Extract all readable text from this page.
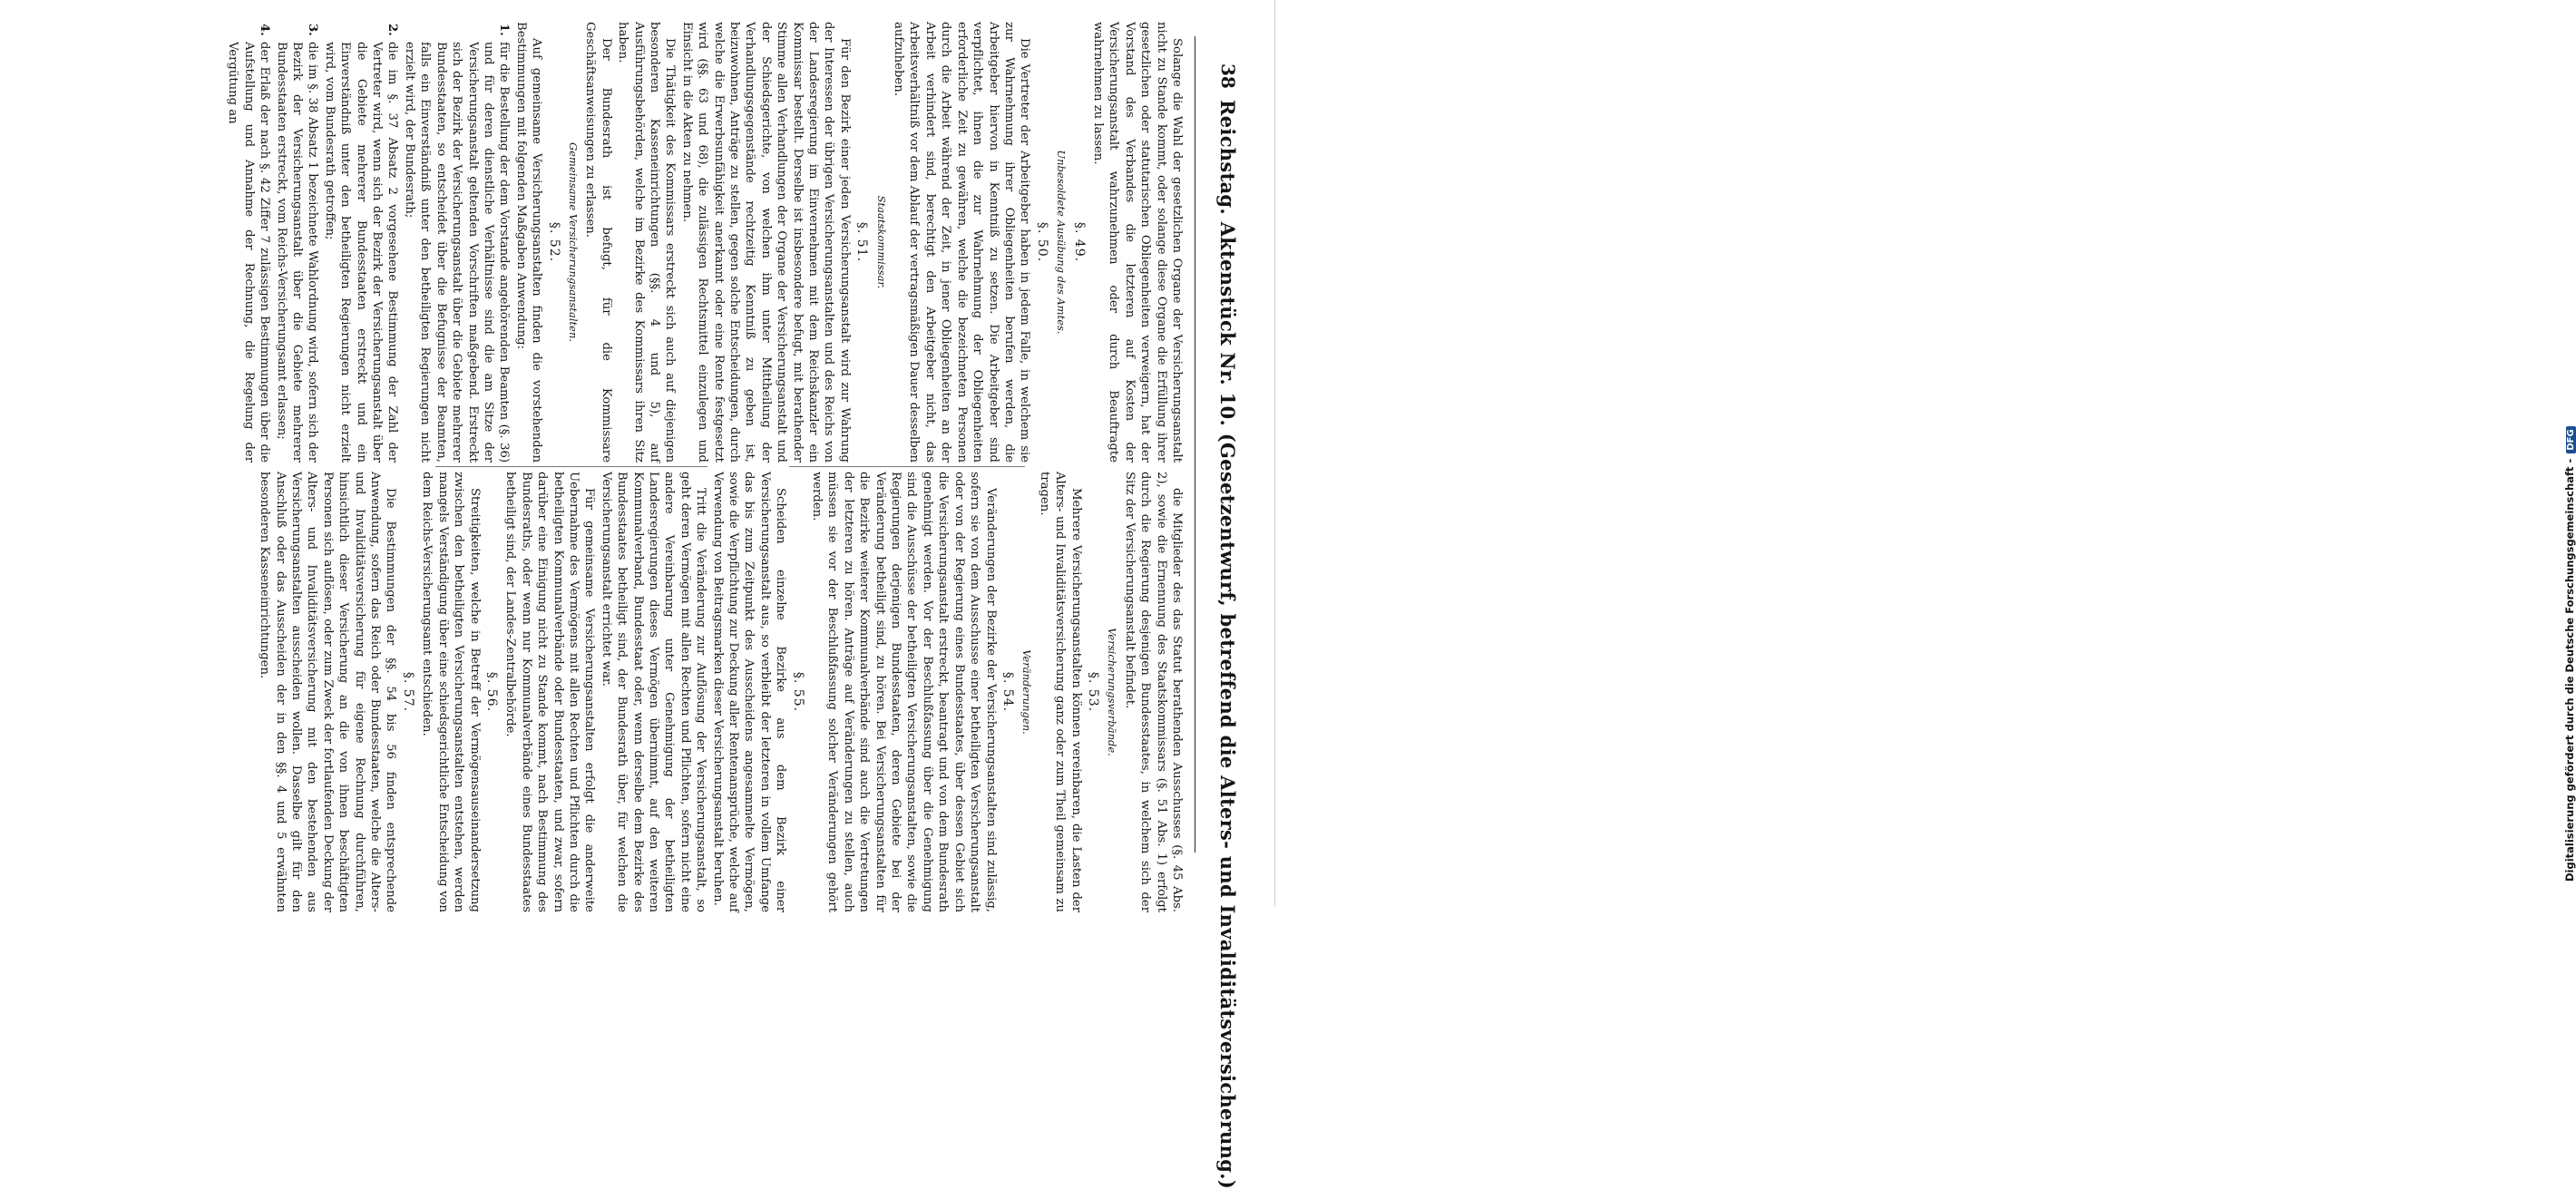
38
Reichstag. Aktenstück Nr. 10. (Gesetzentwurf, betreffend die Alters- und Invaliditätsversicherung.)

Solange die Wahl der gesetzlichen Organe der Versicherungsanstalt nicht zu Stande kommt, oder solange diese Organe die Erfüllung ihrer gesetzlichen oder statutarischen Obliegenheiten verweigern, hat der Vorstand des Verbandes die letzteren auf Kosten der Versicherungsanstalt wahrzunehmen oder durch Beauftragte wahrnehmen zu lassen.

§. 49.
Unbesoldete Ausübung des Amtes.
§. 50.

Die Vertreter der Arbeitgeber haben in jedem Falle, in welchem sie zur Wahrnehmung ihrer Obliegenheiten berufen werden, die Arbeitgeber hiervon in Kenntniß zu setzen. Die Arbeitgeber sind verpflichtet, ihnen die zur Wahrnehmung der Obliegenheiten erforderliche Zeit zu gewähren, welche die bezeichneten Personen durch die Arbeit während der Zeit, in jener Obliegenheiten an der Arbeit verhindert sind, berechtigt den Arbeitgeber nicht, das Arbeitsverhältniß vor dem Ablauf der vertragsmäßigen Dauer desselben aufzuheben.

Staatskommissar.
§. 51.

Für den Bezirk einer jeden Versicherungsanstalt wird zur Wahrung der Interessen der übrigen Versicherungsanstalten und des Reichs von der Landesregierung im Einvernehmen mit dem Reichskanzler ein Kommissar bestellt. Derselbe ist insbesondere befugt, mit berathender Stimme allen Verhandlungen der Organe der Versicherungsanstalt und der Schiedsgerichte, von welchen ihm unter Mittheilung der Verhandlungsgegenstände rechtzeitig Kenntniß zu geben ist, beizuwohnen, Anträge zu stellen, gegen solche Entscheidungen, durch welche die Erwerbsunfähigkeit anerkannt oder eine Rente festgesetzt wird (§§. 63 und 68), die zulässigen Rechtsmittel einzulegen und Einsicht in die Akten zu nehmen.

Die Thätigkeit des Kommissars erstreckt sich auch auf diejenigen besonderen Kasseneinrichtungen (§§. 4 und 5), auf Ausführungsbehörden, welche im Bezirke des Kommissars ihren Sitz haben.

Der Bundesrath ist befugt, für die Kommissare Geschäftsanweisungen zu erlassen.

Gemeinsame Versicherungsanstalten.
§. 52.

Auf gemeinsame Versicherungsanstalten finden die vorstehenden Bestimmungen mit folgenden Maßgaben Anwendung:

1.
für die Bestellung der dem Vorstande angehörenden Beamten (§. 36) und für deren dienstliche Verhältnisse sind die am Sitze der Versicherungsanstalt geltenden Vorschriften maßgebend. Erstreckt sich der Bezirk der Versicherungsanstalt über die Gebiete mehrerer Bundesstaaten, so entscheidet über die Befugnisse der Beamten, falls ein Einverständniß unter den betheiligten Regierungen nicht erzielt wird, der Bundesrath;

2.
die im §. 37 Absatz 2 vorgesehene Bestimmung der Zahl der Vertreter wird, wenn sich der Bezirk der Versicherungsanstalt über die Gebiete mehrerer Bundesstaaten erstreckt und ein Einverständniß unter den betheiligten Regierungen nicht erzielt wird, vom Bundesrath getroffen;

3.
die im §. 38 Absatz 1 bezeichnete Wahlordnung wird, sofern sich der Bezirk der Versicherungsanstalt über die Gebiete mehrerer Bundesstaaten erstreckt, vom Reichs-Versicherungsamt erlassen;

4.
der Erlaß der nach §. 42 Ziffer 7 zulässigen Bestimmungen über die Aufstellung und Annahme der Rechnung, die Regelung der Vergütung an

die Mitglieder des das Statut berathenden Ausschusses (§. 45 Abs. 2), sowie die Ernennung des Staatskommissars (§. 51 Abs. 1) erfolgt durch die Regierung desjenigen Bundesstaates, in welchem sich der Sitz der Versicherungsanstalt befindet.

Versicherungsverbände.
§. 53.

Mehrere Versicherungsanstalten können vereinbaren, die Lasten der Alters- und Invaliditätsversicherung ganz oder zum Theil gemeinsam zu tragen.

Veränderungen.
§. 54.

Veränderungen der Bezirke der Versicherungsanstalten sind zulässig, sofern sie von dem Ausschusse einer betheiligten Versicherungsanstalt oder von der Regierung eines Bundesstaates, über dessen Gebiet sich die Versicherungsanstalt erstreckt, beantragt und von dem Bundesrath genehmigt werden. Vor der Beschlußfassung über die Genehmigung sind die Ausschüsse der betheiligten Versicherungsanstalten, sowie die Regierungen derjenigen Bundesstaaten, deren Gebiete bei der Veränderung betheiligt sind, zu hören. Bei Versicherungsanstalten für die Bezirke weiterer Kommunalverbände sind auch die Vertretungen der letzteren zu hören. Anträge auf Veränderungen zu stellen, auch müssen sie vor der Beschlußfassung solcher Veränderungen gehört werden.

§. 55.

Scheiden einzelne Bezirke aus dem Bezirk einer Versicherungsanstalt aus, so verbleibt der letzteren in vollem Umfange das bis zum Zeitpunkt des Ausscheidens angesammelte Vermögen, sowie die Verpflichtung zur Deckung aller Rentenansprüche, welche auf Verwendung von Beitragsmarken dieser Versicherungsanstalt beruhen.

Tritt die Veränderung zur Auflösung der Versicherungsanstalt, so geht deren Vermögen mit allen Rechten und Pflichten, sofern nicht eine andere Vereinbarung unter Genehmigung der betheiligten Landesregierungen dieses Vermögen übernimmt, auf den weiteren Kommunalverband, Bundesstaat oder, wenn derselbe dem Bezirke des Bundesstaates betheiligt sind, der Bundesrath über, für welchen die Versicherungsanstalt errichtet war.

Für gemeinsame Versicherungsanstalten erfolgt die anderweite Uebernahme des Vermögens mit allen Rechten und Pflichten durch die betheiligten Kommunalverbände oder Bundesstaaten, und zwar, sofern darüber eine Einigung nicht zu Stande kommt, nach Bestimmung des Bundesraths, oder wenn nur Kommunalverbände eines Bundesstaates betheiligt sind, der Landes-Zentralbehörde.

§. 56.

Streitigkeiten, welche in Betreff der Vermögensauseinandersetzung zwischen den betheiligten Versicherungsanstalten entstehen, werden mangels Verständigung über eine schiedsgerichtliche Entscheidung von dem Reichs-Versicherungsamt entschieden.

§. 57.

Die Bestimmungen der §§. 54 bis 56 finden entsprechende Anwendung, sofern das Reich oder Bundesstaaten, welche die Alters- und Invaliditätsversicherung für eigene Rechnung durchführen, hinsichtlich dieser Versicherung an die von ihnen beschäftigten Personen sich auflösen, oder zum Zweck der fortlaufenden Deckung der Alters- und Invaliditätsversicherung mit den bestehenden aus Versicherungsanstalten ausscheiden wollen. Dasselbe gilt für den Anschluß oder das Ausscheiden der in den §§. 4 und 5 erwähnten besonderen Kasseneinrichtungen.	Digitalisierung gefördert durch die Deutsche Forschungsgemeinschaft -DFG
